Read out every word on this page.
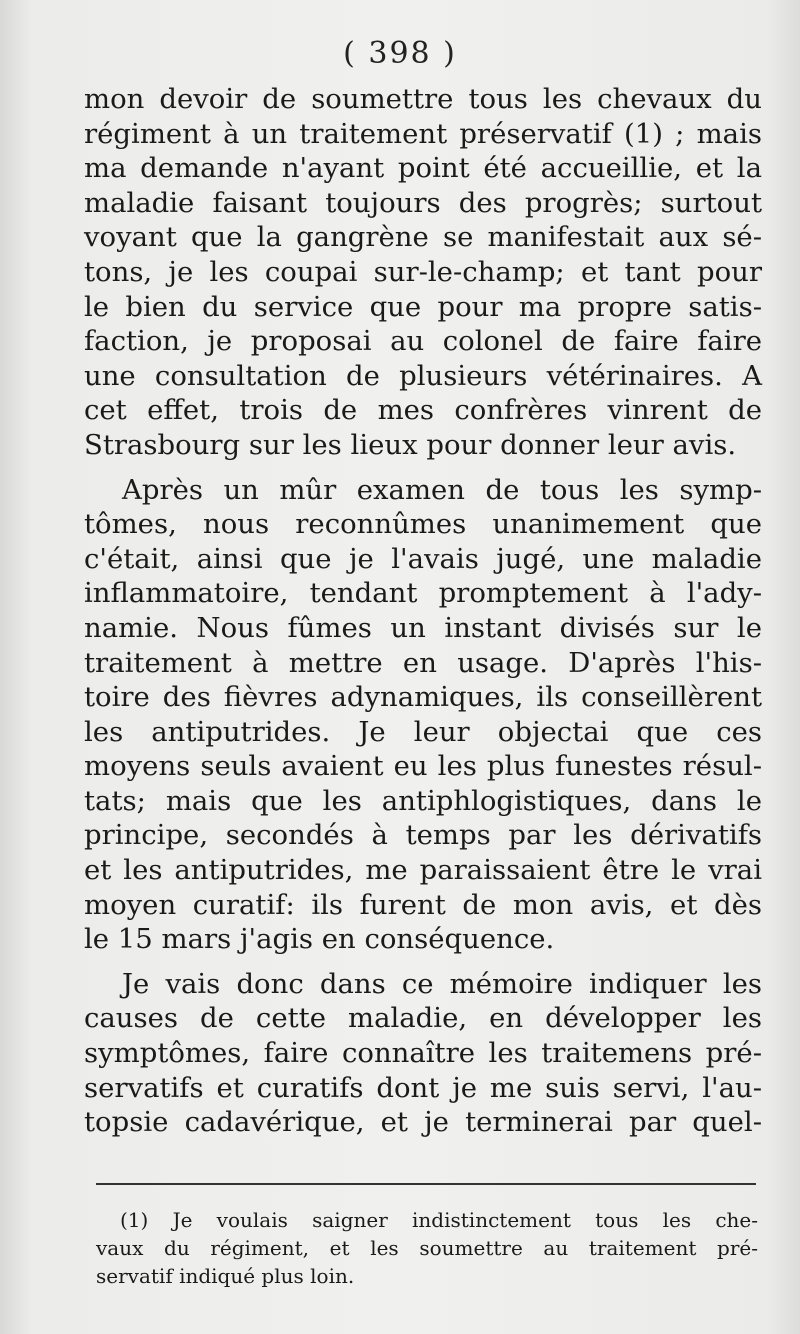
( 398 )
mon devoir de soumettre tous les chevaux du
régiment à un traitement préservatif (1) ; mais
ma demande n'ayant point été accueillie, et la
maladie faisant toujours des progrès; surtout
voyant que la gangrène se manifestait aux sé-
tons, je les coupai sur-le-champ; et tant pour
le bien du service que pour ma propre satis-
faction, je proposai au colonel de faire faire
une consultation de plusieurs vétérinaires. A
cet effet, trois de mes confrères vinrent de
Strasbourg sur les lieux pour donner leur avis.
Après un mûr examen de tous les symp-
tômes, nous reconnûmes unanimement que
c'était, ainsi que je l'avais jugé, une maladie
inflammatoire, tendant promptement à l'ady-
namie. Nous fûmes un instant divisés sur le
traitement à mettre en usage. D'après l'his-
toire des fièvres adynamiques, ils conseillèrent
les antiputrides. Je leur objectai que ces
moyens seuls avaient eu les plus funestes résul-
tats; mais que les antiphlogistiques, dans le
principe, secondés à temps par les dérivatifs
et les antiputrides, me paraissaient être le vrai
moyen curatif: ils furent de mon avis, et dès
le 15 mars j'agis en conséquence.
Je vais donc dans ce mémoire indiquer les
causes de cette maladie, en développer les
symptômes, faire connaître les traitemens pré-
servatifs et curatifs dont je me suis servi, l'au-
topsie cadavérique, et je terminerai par quel-
(1) Je voulais saigner indistinctement tous les che-
vaux du régiment, et les soumettre au traitement pré-
servatif indiqué plus loin.
